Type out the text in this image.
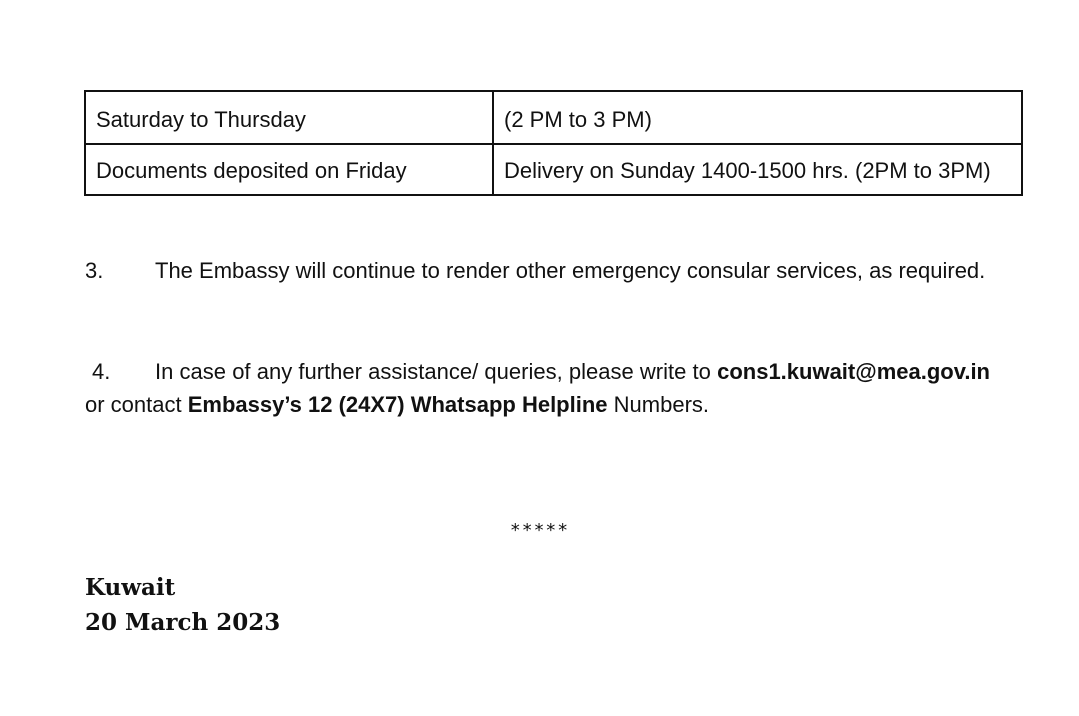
Saturday to Thursday	(2 PM to 3 PM)
Documents deposited on Friday	Delivery on Sunday 1400-1500 hrs. (2PM to 3PM)
3. The Embassy will continue to render other emergency consular services, as required.
4. In case of any further assistance/ queries, please write to cons1.kuwait@mea.gov.in or contact Embassy’s 12 (24X7) Whatsapp Helpline Numbers.
*****
Kuwait
20 March 2023
